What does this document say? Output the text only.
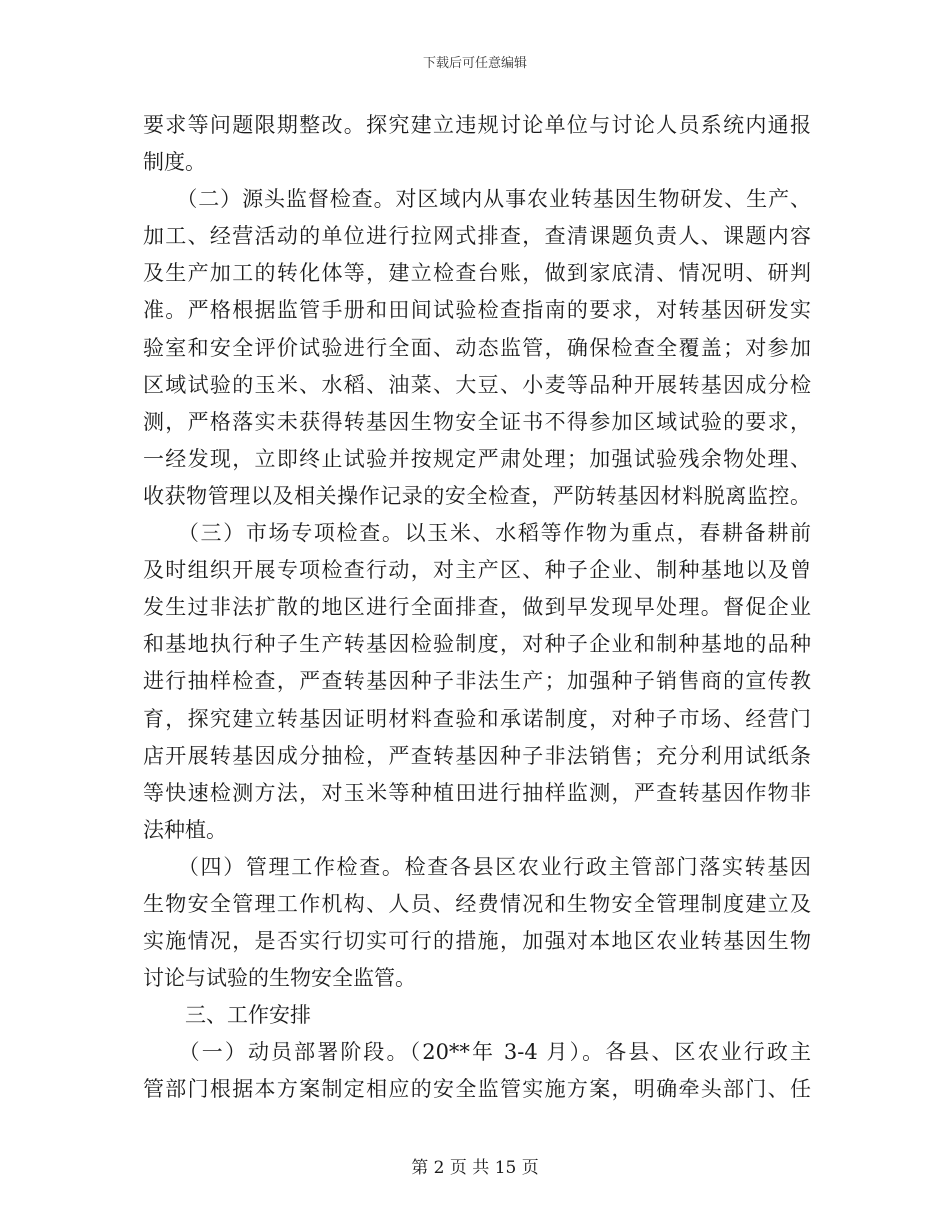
下载后可任意编辑
要求等问题限期整改。探究建立违规讨论单位与讨论人员系统内通报
制度。
　　（二）源头监督检查。对区域内从事农业转基因生物研发、生产、
加工、经营活动的单位进行拉网式排查，查清课题负责人、课题内容
及生产加工的转化体等，建立检查台账，做到家底清、情况明、研判
准。严格根据监管手册和田间试验检查指南的要求，对转基因研发实
验室和安全评价试验进行全面、动态监管，确保检查全覆盖；对参加
区域试验的玉米、水稻、油菜、大豆、小麦等品种开展转基因成分检
测，严格落实未获得转基因生物安全证书不得参加区域试验的要求，
一经发现，立即终止试验并按规定严肃处理；加强试验残余物处理、
收获物管理以及相关操作记录的安全检查，严防转基因材料脱离监控。
　　（三）市场专项检查。以玉米、水稻等作物为重点，春耕备耕前
及时组织开展专项检查行动，对主产区、种子企业、制种基地以及曾
发生过非法扩散的地区进行全面排查，做到早发现早处理。督促企业
和基地执行种子生产转基因检验制度，对种子企业和制种基地的品种
进行抽样检查，严查转基因种子非法生产；加强种子销售商的宣传教
育，探究建立转基因证明材料查验和承诺制度，对种子市场、经营门
店开展转基因成分抽检，严查转基因种子非法销售；充分利用试纸条
等快速检测方法，对玉米等种植田进行抽样监测，严查转基因作物非
法种植。
　　（四）管理工作检查。检查各县区农业行政主管部门落实转基因
生物安全管理工作机构、人员、经费情况和生物安全管理制度建立及
实施情况，是否实行切实可行的措施，加强对本地区农业转基因生物
讨论与试验的生物安全监管。
　　三、工作安排
　　（一）动员部署阶段。（20**年 3-4 月）。各县、区农业行政主
管部门根据本方案制定相应的安全监管实施方案，明确牵头部门、任
第 2 页 共 15 页
